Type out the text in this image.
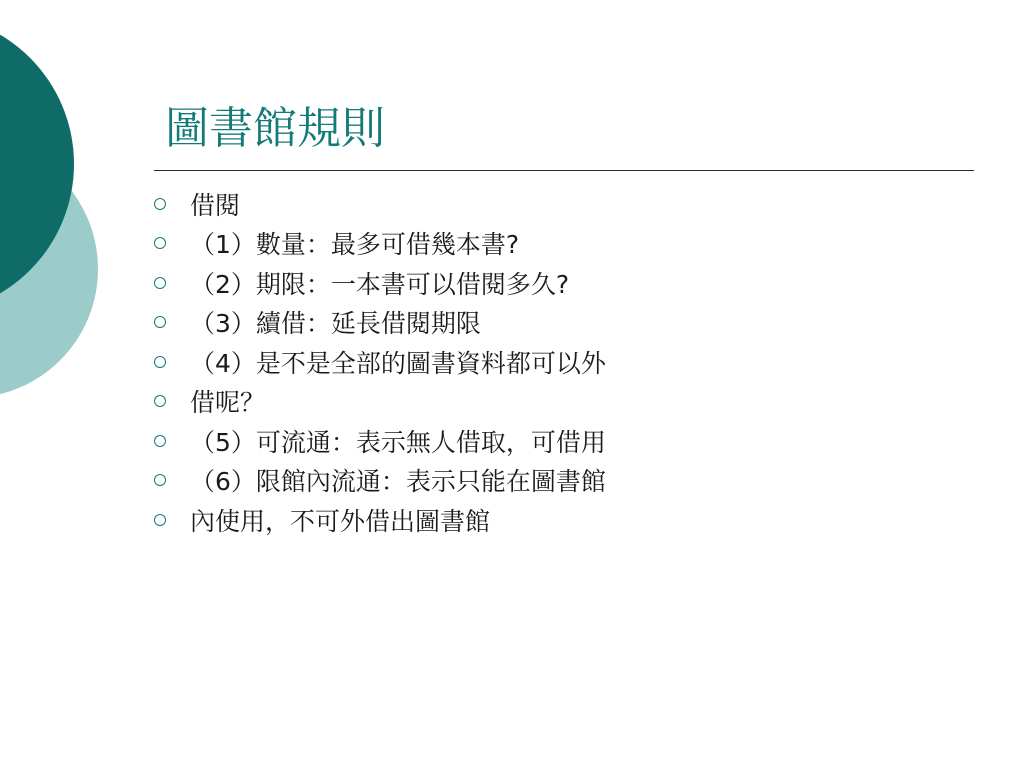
圖書館規則
借閱
（1）數量：最多可借幾本書?
（2）期限：一本書可以借閱多久?
（3）續借：延長借閱期限
（4）是不是全部的圖書資料都可以外
借呢？
（5）可流通：表示無人借取，可借用
（6）限館內流通：表示只能在圖書館
內使用，不可外借出圖書館
